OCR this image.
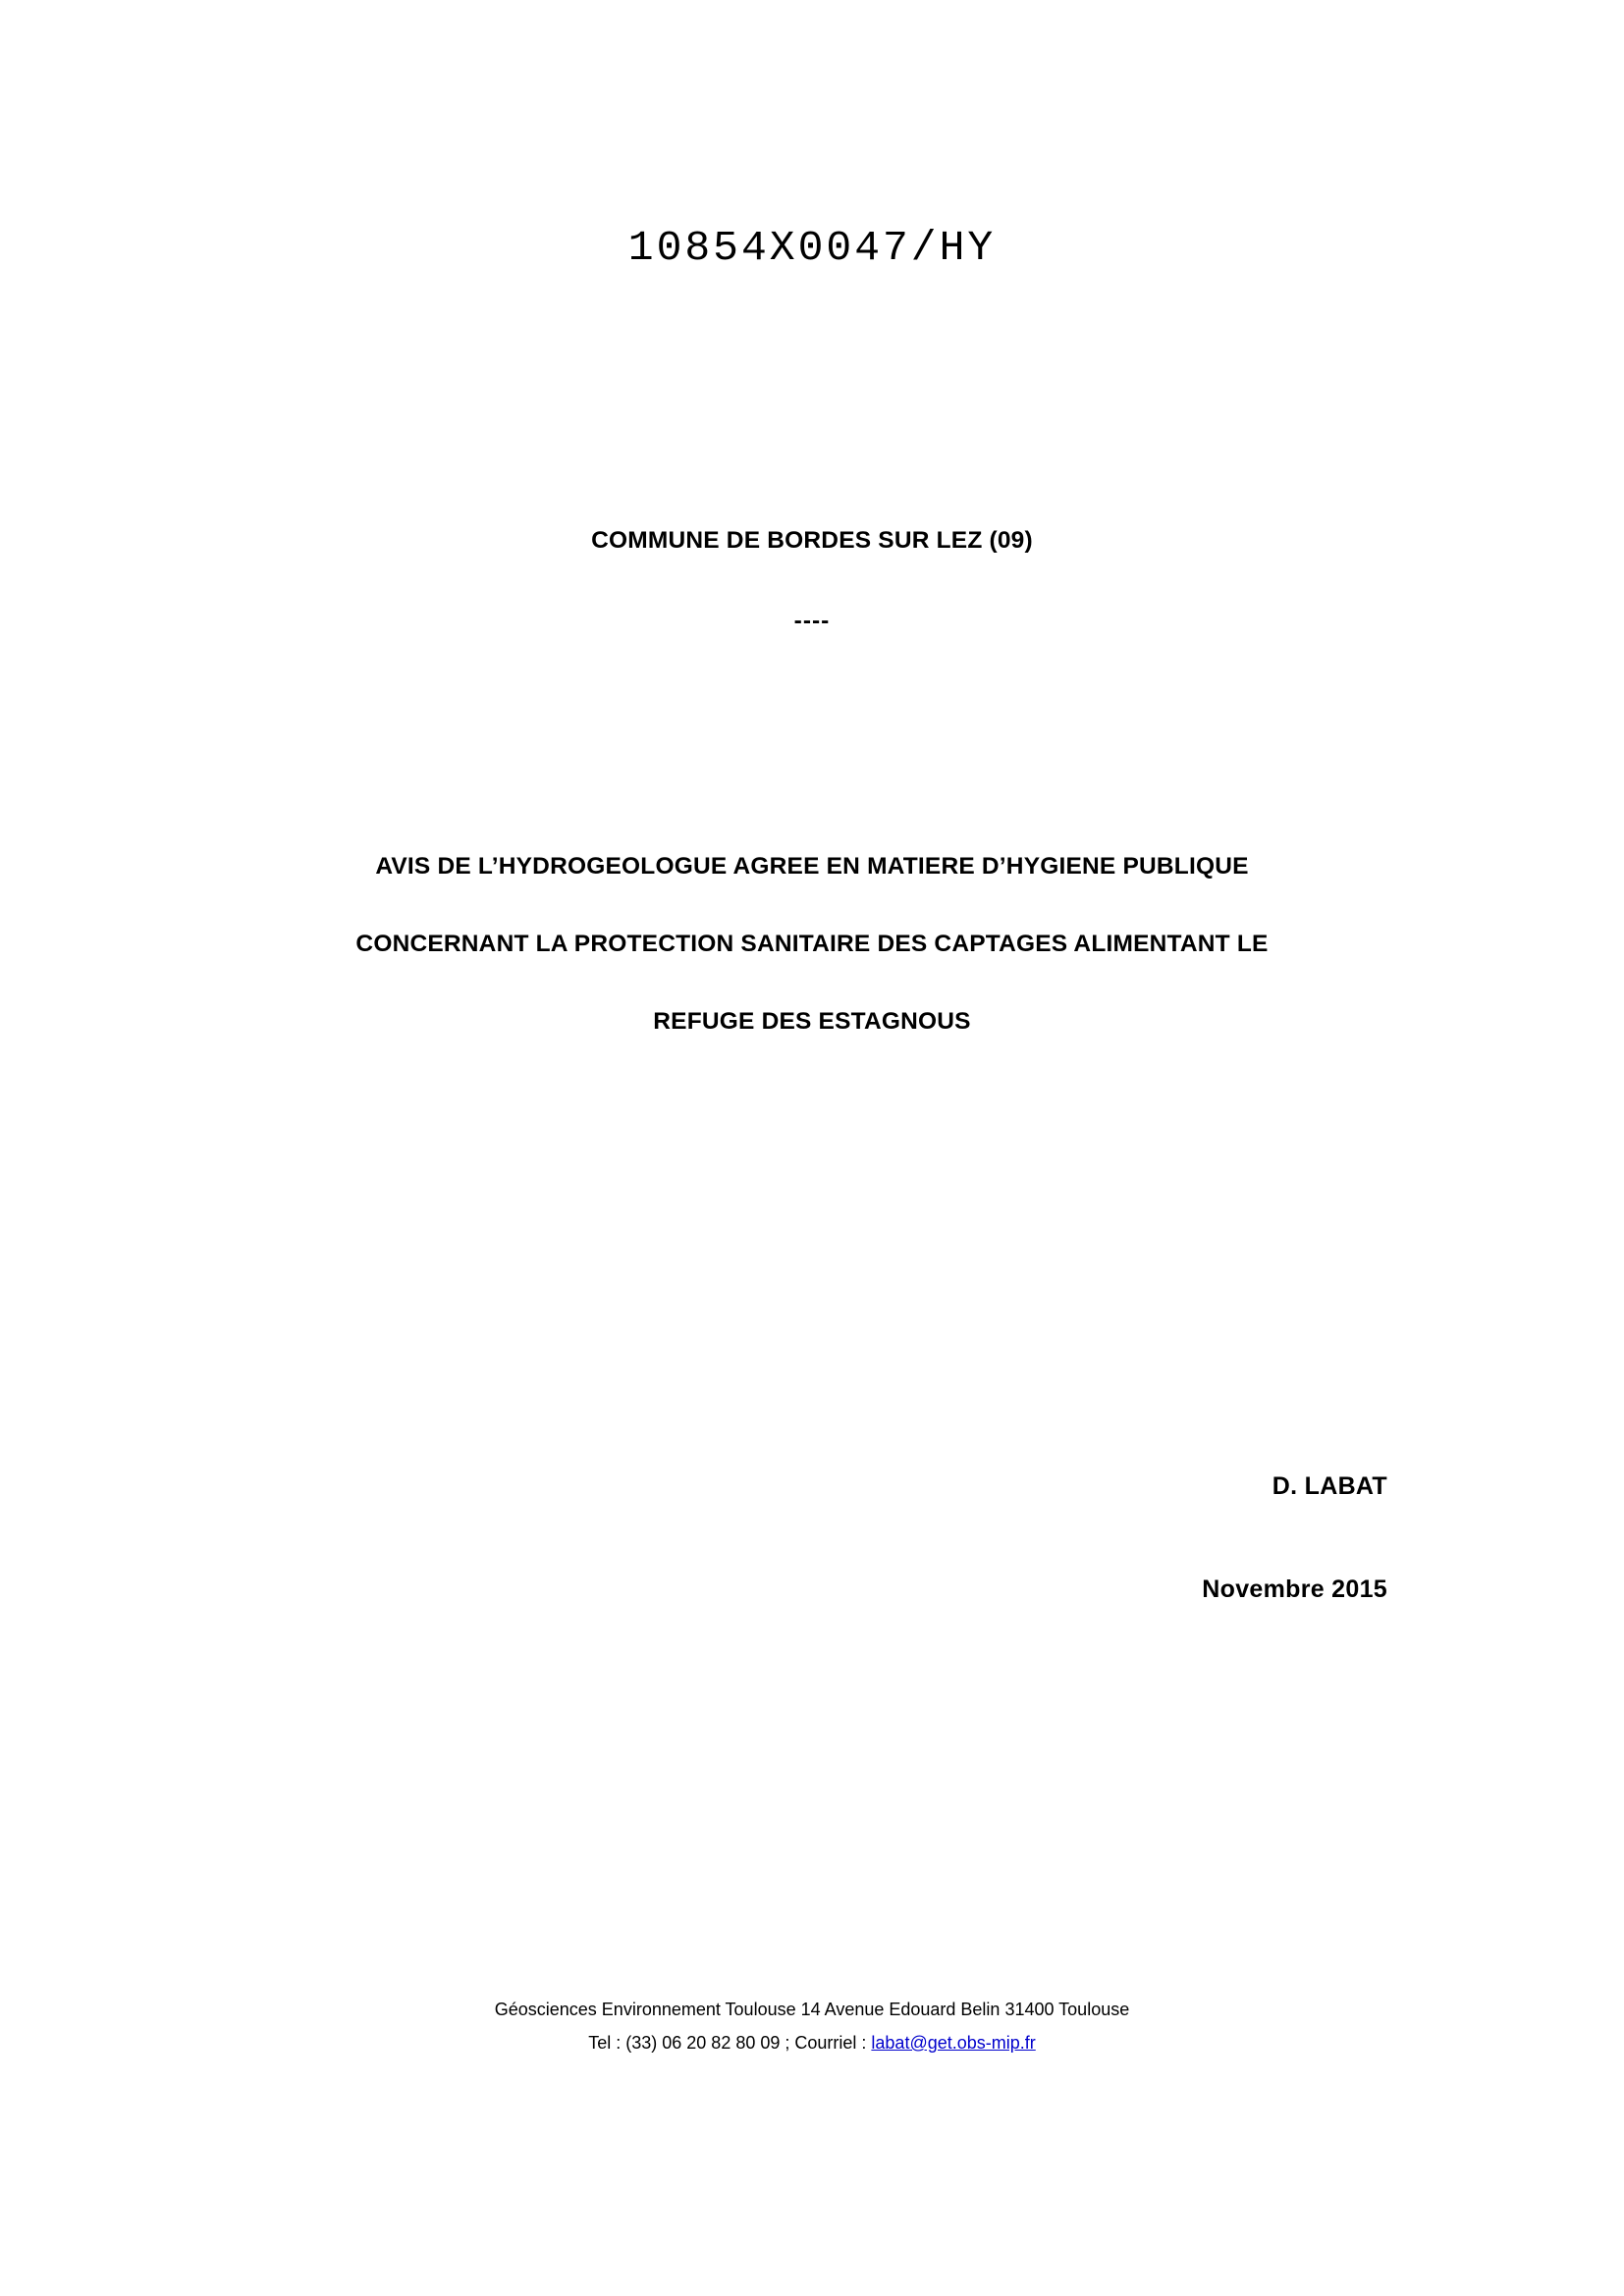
10854X0047/HY
COMMUNE DE BORDES SUR LEZ (09)
----
AVIS DE L’HYDROGEOLOGUE AGREE EN MATIERE D’HYGIENE PUBLIQUE
CONCERNANT LA PROTECTION SANITAIRE DES CAPTAGES ALIMENTANT LE
REFUGE DES ESTAGNOUS
D. LABAT
Novembre 2015
Géosciences Environnement Toulouse 14 Avenue Edouard Belin 31400 Toulouse
Tel : (33) 06 20 82 80 09 ; Courriel : labat@get.obs-mip.fr
